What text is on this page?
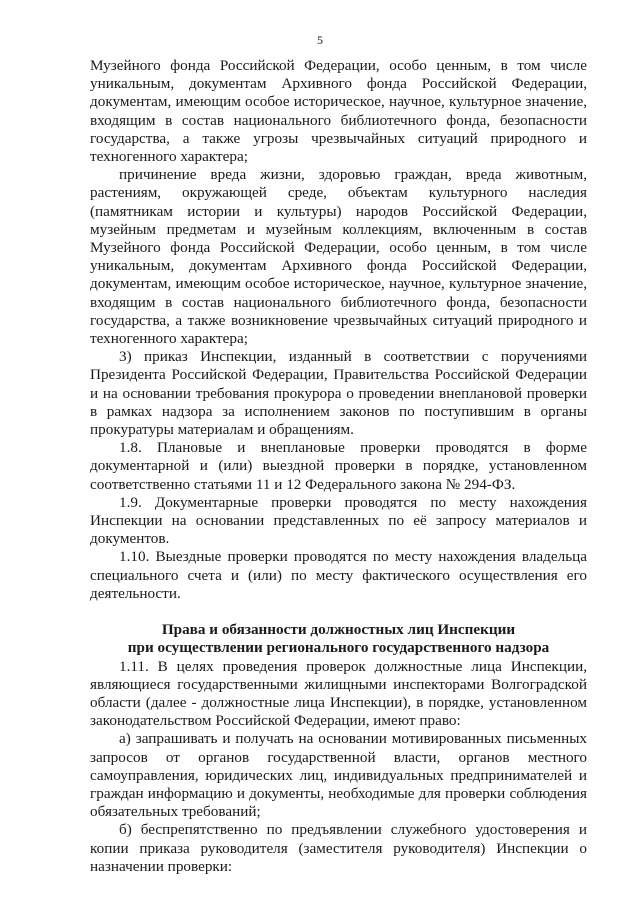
5

Музейного фонда Российской Федерации, особо ценным, в том числе уникальным, документам Архивного фонда Российской Федерации, документам, имеющим особое историческое, научное, культурное значение, входящим в состав национального библиотечного фонда, безопасности государства, а также угрозы чрезвычайных ситуаций природного и техногенного характера;

причинение вреда жизни, здоровью граждан, вреда животным, растениям, окружающей среде, объектам культурного наследия (памятникам истории и культуры) народов Российской Федерации, музейным предметам и музейным коллекциям, включенным в состав Музейного фонда Российской Федерации, особо ценным, в том числе уникальным, документам Архивного фонда Российской Федерации, документам, имеющим особое историческое, научное, культурное значение, входящим в состав национального библиотечного фонда, безопасности государства, а также возникновение чрезвычайных ситуаций природного и техногенного характера;

3) приказ Инспекции, изданный в соответствии с поручениями Президента Российской Федерации, Правительства Российской Федерации и на основании требования прокурора о проведении внеплановой проверки в рамках надзора за исполнением законов по поступившим в органы прокуратуры материалам и обращениям.

1.8. Плановые и внеплановые проверки проводятся в форме документарной и (или) выездной проверки в порядке, установленном соответственно статьями 11 и 12 Федерального закона № 294-ФЗ.

1.9. Документарные проверки проводятся по месту нахождения Инспекции на основании представленных по её запросу материалов и документов.

1.10. Выездные проверки проводятся по месту нахождения владельца специального счета и (или) по месту фактического осуществления его деятельности.

Права и обязанности должностных лиц Инспекции

при осуществлении регионального государственного надзора

1.11. В целях проведения проверок должностные лица Инспекции, являющиеся государственными жилищными инспекторами Волгоградской области (далее - должностные лица Инспекции), в порядке, установленном законодательством Российской Федерации, имеют право:

а) запрашивать и получать на основании мотивированных письменных запросов от органов государственной власти, органов местного самоуправления, юридических лиц, индивидуальных предпринимателей и граждан информацию и документы, необходимые для проверки соблюдения обязательных требований;

б) беспрепятственно по предъявлении служебного удостоверения и копии приказа руководителя (заместителя руководителя) Инспекции о назначении проверки:
